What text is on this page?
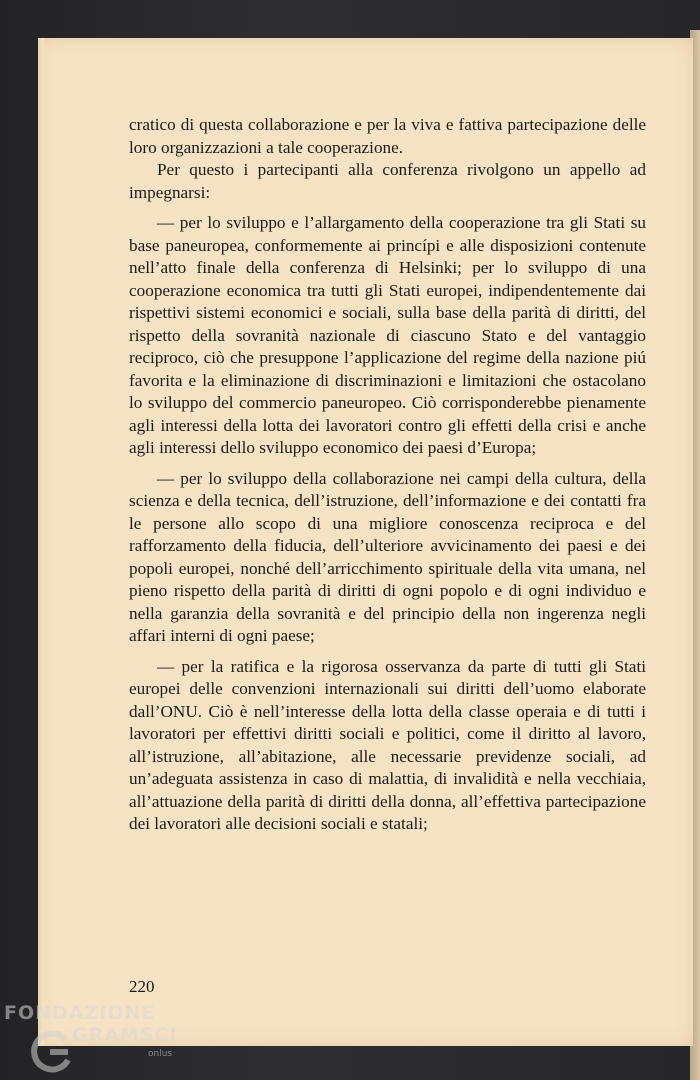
cratico di questa collaborazione e per la viva e fattiva partecipazione delle loro organizzazioni a tale cooperazione.

Per questo i partecipanti alla conferenza rivolgono un appello ad impegnarsi:

— per lo sviluppo e l’allargamento della cooperazione tra gli Stati su base paneuropea, conformemente ai princípi e alle disposizioni contenute nell’atto finale della conferenza di Helsinki; per lo sviluppo di una cooperazione economica tra tutti gli Stati europei, indipendentemente dai rispettivi sistemi economici e sociali, sulla base della parità di diritti, del rispetto della sovranità nazionale di ciascuno Stato e del vantaggio reciproco, ciò che presuppone l’applicazione del regime della nazione piú favorita e la eliminazione di discriminazioni e limitazioni che ostacolano lo sviluppo del commercio paneuropeo. Ciò corrisponderebbe pienamente agli interessi della lotta dei lavoratori contro gli effetti della crisi e anche agli interessi dello sviluppo economico dei paesi d’Europa;

— per lo sviluppo della collaborazione nei campi della cultura, della scienza e della tecnica, dell’istruzione, dell’informazione e dei contatti fra le persone allo scopo di una migliore conoscenza reciproca e del rafforzamento della fiducia, dell’ulteriore avvicinamento dei paesi e dei popoli europei, nonché dell’arricchimento spirituale della vita umana, nel pieno rispetto della parità di diritti di ogni popolo e di ogni individuo e nella garanzia della sovranità e del principio della non ingerenza negli affari interni di ogni paese;

— per la ratifica e la rigorosa osservanza da parte di tutti gli Stati europei delle convenzioni internazionali sui diritti dell’uomo elaborate dall’ONU. Ciò è nell’interesse della lotta della classe operaia e di tutti i lavoratori per effettivi diritti sociali e politici, come il diritto al lavoro, all’istruzione, all’abitazione, alle necessarie previdenze sociali, ad un’adeguata assistenza in caso di malattia, di invalidità e nella vecchiaia, all’attuazione della parità di diritti della donna, all’effettiva partecipazione dei lavoratori alle decisioni sociali e statali;

220
FONDAZIONE
GRAMSCI
onlus
